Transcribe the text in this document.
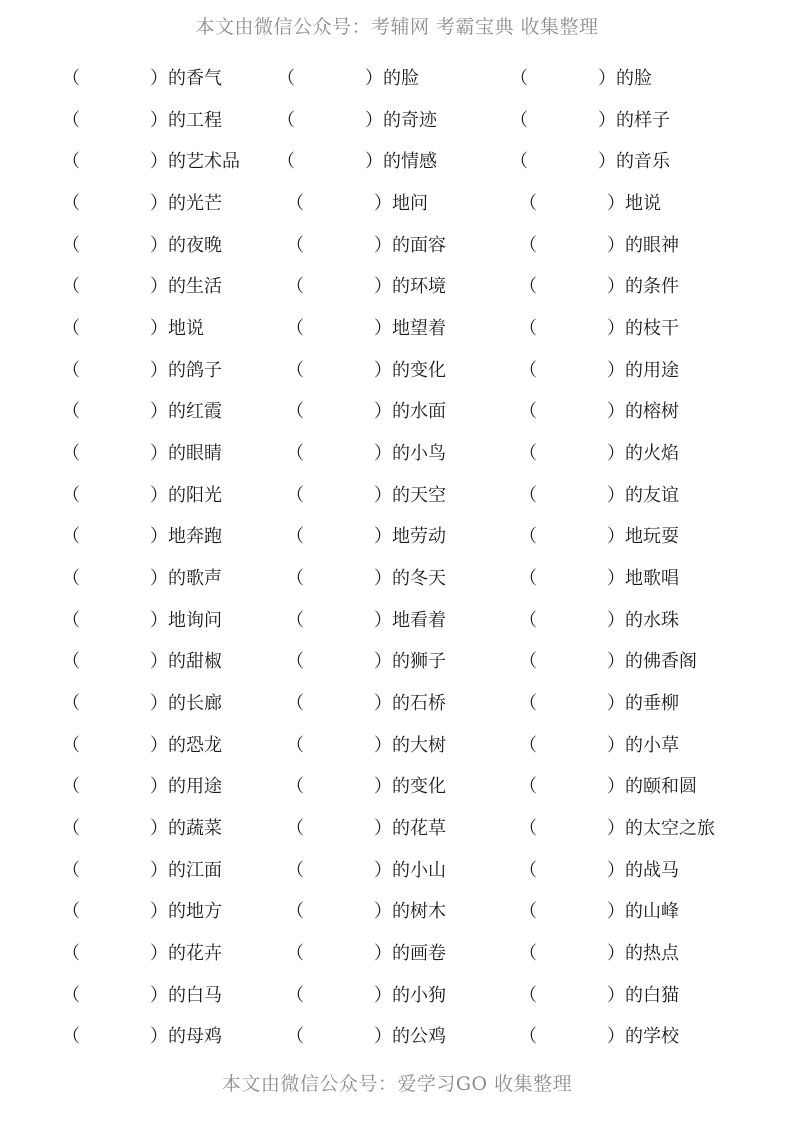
本文由微信公众号：考辅网 考霸宝典 收集整理
（	） 的香气	（	） 的脸	（	） 的脸
（	） 的工程	（	） 的奇迹	（	） 的样子
（	） 的艺术品 （	） 的情感	（	） 的音乐
（	） 的光芒	（	） 地问	（	） 地说
（	） 的夜晚	（	） 的面容	（	） 的眼神
（	） 的生活	（	） 的环境	（	） 的条件
（	） 地说	（	） 地望着	（	） 的枝干
（	） 的鸽子	（	） 的变化	（	） 的用途
（	） 的红霞	（	） 的水面	（	） 的榕树
（	） 的眼睛	（	） 的小鸟	（	） 的火焰
（	） 的阳光	（	） 的天空	（	） 的友谊
（	） 地奔跑	（	） 地劳动	（	） 地玩耍
（	） 的歌声	（	） 的冬天	（	） 地歌唱
（	） 地询问	（	） 地看着	（	） 的水珠
（	） 的甜椒	（	） 的狮子	（	） 的佛香阁
（	） 的长廊	（	） 的石桥	（	） 的垂柳
（	） 的恐龙	（	） 的大树	（	） 的小草
（	） 的用途	（	） 的变化	（	） 的颐和圆
（	） 的蔬菜	（	） 的花草	（	） 的太空之旅
（	） 的江面	（	） 的小山	（	） 的战马
（	） 的地方	（	） 的树木	（	） 的山峰
（	） 的花卉	（	） 的画卷	（	） 的热点
（	） 的白马	（	） 的小狗	（	） 的白猫
（	） 的母鸡	（	） 的公鸡	（	） 的学校
本文由微信公众号：爱学习GO 收集整理
